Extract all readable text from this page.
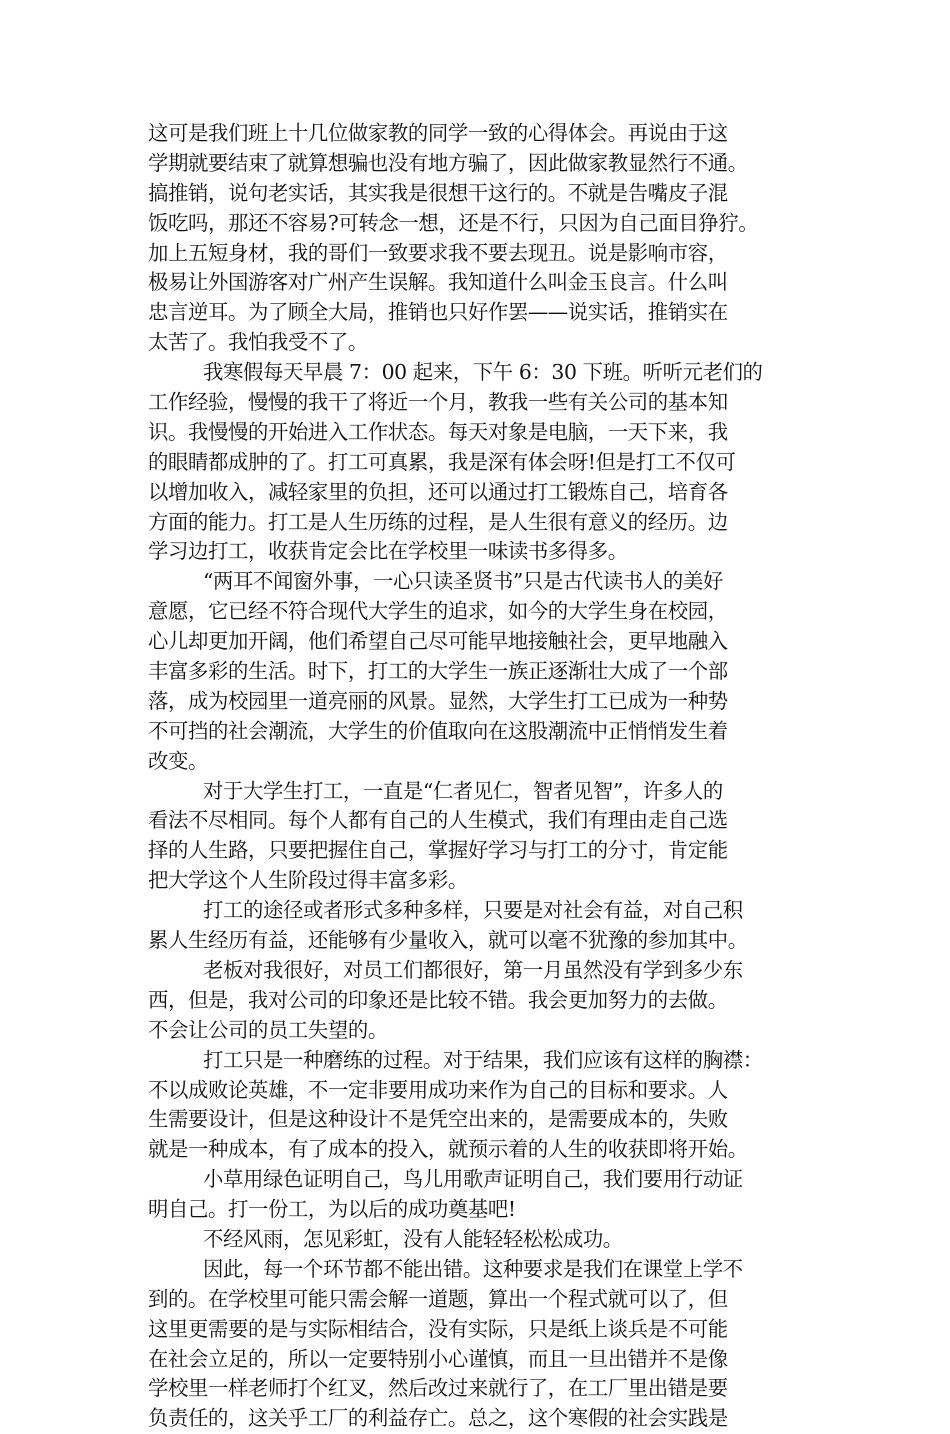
这可是我们班上十几位做家教的同学一致的心得体会。再说由于这
学期就要结束了就算想骗也没有地方骗了，因此做家教显然行不通。
搞推销，说句老实话，其实我是很想干这行的。不就是告嘴皮子混
饭吃吗，那还不容易?可转念一想，还是不行，只因为自己面目狰狞。
加上五短身材，我的哥们一致要求我不要去现丑。说是影响市容，
极易让外国游客对广州产生误解。我知道什么叫金玉良言。什么叫
忠言逆耳。为了顾全大局，推销也只好作罢——说实话，推销实在
太苦了。我怕我受不了。
我寒假每天早晨 7：00 起来，下午 6：30 下班。听听元老们的
工作经验，慢慢的我干了将近一个月，教我一些有关公司的基本知
识。我慢慢的开始进入工作状态。每天对象是电脑，一天下来，我
的眼睛都成肿的了。打工可真累，我是深有体会呀!但是打工不仅可
以增加收入，减轻家里的负担，还可以通过打工锻炼自己，培育各
方面的能力。打工是人生历练的过程，是人生很有意义的经历。边
学习边打工，收获肯定会比在学校里一味读书多得多。
“两耳不闻窗外事，一心只读圣贤书”只是古代读书人的美好
意愿，它已经不符合现代大学生的追求，如今的大学生身在校园，
心儿却更加开阔，他们希望自己尽可能早地接触社会，更早地融入
丰富多彩的生活。时下，打工的大学生一族正逐渐壮大成了一个部
落，成为校园里一道亮丽的风景。显然，大学生打工已成为一种势
不可挡的社会潮流，大学生的价值取向在这股潮流中正悄悄发生着
改变。
对于大学生打工，一直是“仁者见仁，智者见智”，许多人的
看法不尽相同。每个人都有自己的人生模式，我们有理由走自己选
择的人生路，只要把握住自己，掌握好学习与打工的分寸，肯定能
把大学这个人生阶段过得丰富多彩。
打工的途径或者形式多种多样，只要是对社会有益，对自己积
累人生经历有益，还能够有少量收入，就可以毫不犹豫的参加其中。
老板对我很好，对员工们都很好，第一月虽然没有学到多少东
西，但是，我对公司的印象还是比较不错。我会更加努力的去做。
不会让公司的员工失望的。
打工只是一种磨练的过程。对于结果，我们应该有这样的胸襟：
不以成败论英雄，不一定非要用成功来作为自己的目标和要求。人
生需要设计，但是这种设计不是凭空出来的，是需要成本的，失败
就是一种成本，有了成本的投入，就预示着的人生的收获即将开始。
小草用绿色证明自己，鸟儿用歌声证明自己，我们要用行动证
明自己。打一份工，为以后的成功奠基吧!
不经风雨，怎见彩虹，没有人能轻轻松松成功。
因此，每一个环节都不能出错。这种要求是我们在课堂上学不
到的。在学校里可能只需会解一道题，算出一个程式就可以了，但
这里更需要的是与实际相结合，没有实际，只是纸上谈兵是不可能
在社会立足的，所以一定要特别小心谨慎，而且一旦出错并不是像
学校里一样老师打个红叉，然后改过来就行了，在工厂里出错是要
负责任的，这关乎工厂的利益存亡。总之，这个寒假的社会实践是
